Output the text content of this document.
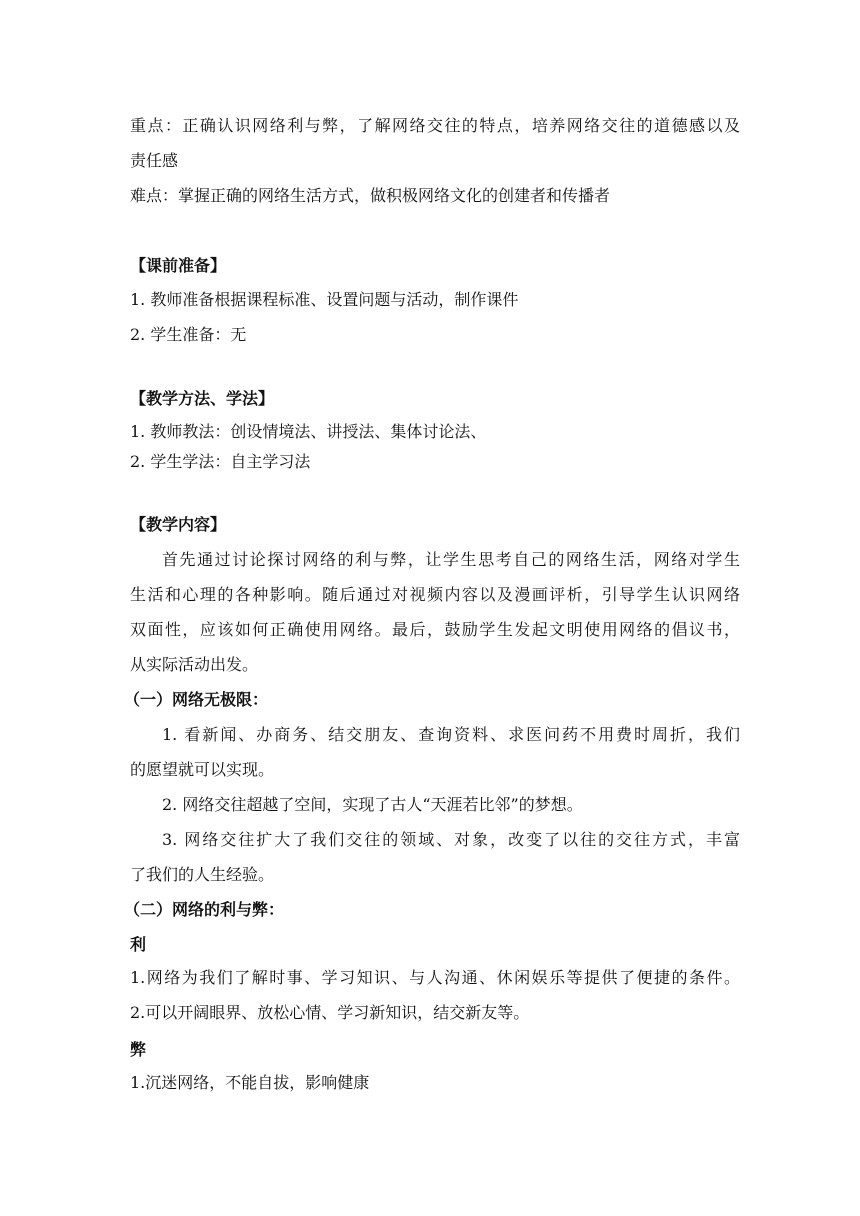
重点：正确认识网络利与弊，了解网络交往的特点，培养网络交往的道德感以及
责任感
难点：掌握正确的网络生活方式，做积极网络文化的创建者和传播者
【课前准备】
1. 教师准备根据课程标准、设置问题与活动，制作课件
2. 学生准备：无
【教学方法、学法】
1. 教师教法：创设情境法、讲授法、集体讨论法、
2. 学生学法：自主学习法
【教学内容】
首先通过讨论探讨网络的利与弊，让学生思考自己的网络生活，网络对学生
生活和心理的各种影响。随后通过对视频内容以及漫画评析，引导学生认识网络
双面性，应该如何正确使用网络。最后，鼓励学生发起文明使用网络的倡议书，
从实际活动出发。
（一）网络无极限：
1. 看新闻、办商务、结交朋友、查询资料、求医问药不用费时周折，我们
的愿望就可以实现。
2. 网络交往超越了空间，实现了古人“天涯若比邻”的梦想。
3. 网络交往扩大了我们交往的领域、对象，改变了以往的交往方式，丰富
了我们的人生经验。
（二）网络的利与弊：
利
1.网络为我们了解时事、学习知识、与人沟通、休闲娱乐等提供了便捷的条件。
2.可以开阔眼界、放松心情、学习新知识，结交新友等。
弊
1.沉迷网络，不能自拔，影响健康
